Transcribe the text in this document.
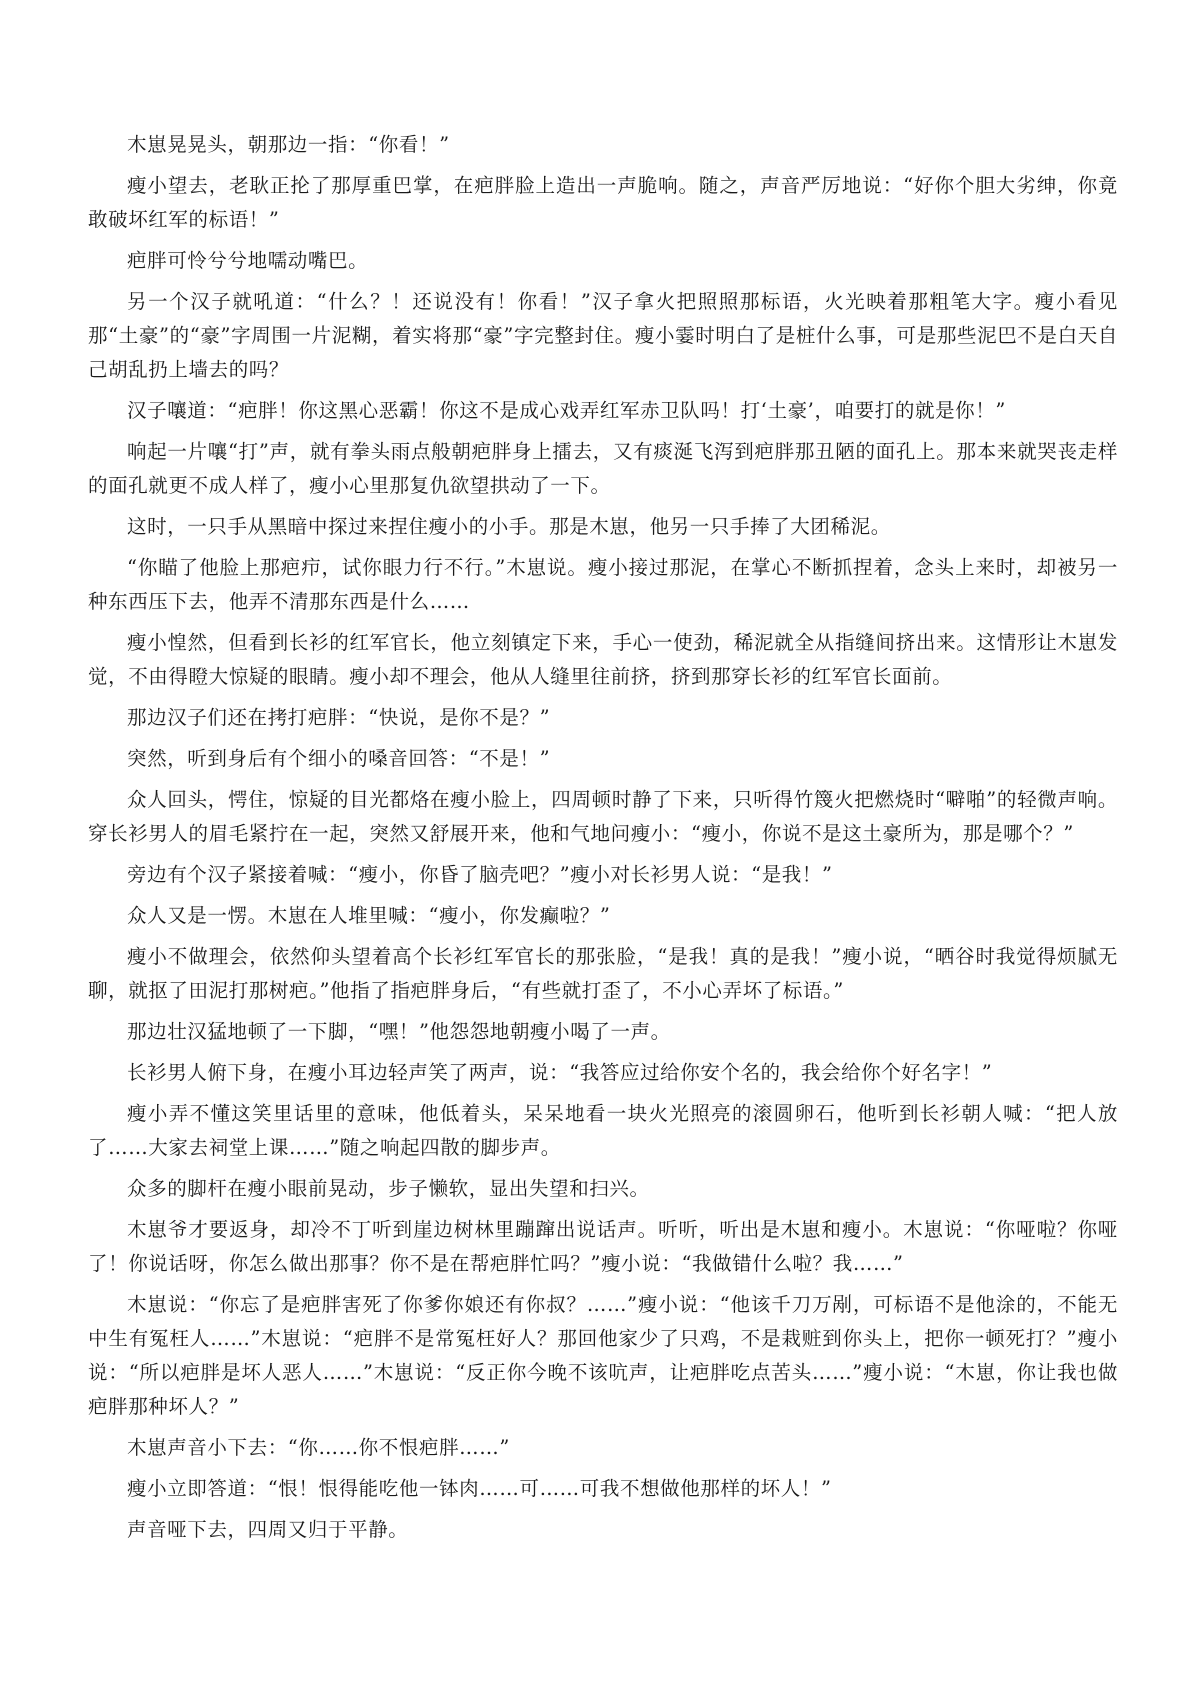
木崽晃晃头，朝那边一指：“你看！”

瘦小望去，老耿正抡了那厚重巴掌，在疤胖脸上造出一声脆响。随之，声音严厉地说：“好你个胆大劣绅，你竟敢破坏红军的标语！”

疤胖可怜兮兮地嚅动嘴巴。

另一个汉子就吼道：“什么？！还说没有！你看！”汉子拿火把照照那标语，火光映着那粗笔大字。瘦小看见那“土豪”的“豪”字周围一片泥糊，着实将那“豪”字完整封住。瘦小霎时明白了是桩什么事，可是那些泥巴不是白天自己胡乱扔上墙去的吗？

汉子嚷道：“疤胖！你这黑心恶霸！你这不是成心戏弄红军赤卫队吗！打‘土豪’，咱要打的就是你！”

响起一片嚷“打”声，就有拳头雨点般朝疤胖身上擂去，又有痰涎飞泻到疤胖那丑陋的面孔上。那本来就哭丧走样的面孔就更不成人样了，瘦小心里那复仇欲望拱动了一下。

这时，一只手从黑暗中探过来捏住瘦小的小手。那是木崽，他另一只手捧了大团稀泥。

“你瞄了他脸上那疤疖，试你眼力行不行。”木崽说。瘦小接过那泥，在掌心不断抓捏着，念头上来时，却被另一种东西压下去，他弄不清那东西是什么……

瘦小惶然，但看到长衫的红军官长，他立刻镇定下来，手心一使劲，稀泥就全从指缝间挤出来。这情形让木崽发觉，不由得瞪大惊疑的眼睛。瘦小却不理会，他从人缝里往前挤，挤到那穿长衫的红军官长面前。

那边汉子们还在拷打疤胖：“快说，是你不是？”

突然，听到身后有个细小的嗓音回答：“不是！”

众人回头，愕住，惊疑的目光都烙在瘦小脸上，四周顿时静了下来，只听得竹篾火把燃烧时“噼啪”的轻微声响。穿长衫男人的眉毛紧拧在一起，突然又舒展开来，他和气地问瘦小：“瘦小，你说不是这土豪所为，那是哪个？”

旁边有个汉子紧接着喊：“瘦小，你昏了脑壳吧？”瘦小对长衫男人说：“是我！”

众人又是一愣。木崽在人堆里喊：“瘦小，你发癫啦？”

瘦小不做理会，依然仰头望着高个长衫红军官长的那张脸，“是我！真的是我！”瘦小说，“晒谷时我觉得烦腻无聊，就抠了田泥打那树疤。”他指了指疤胖身后，“有些就打歪了，不小心弄坏了标语。”

那边壮汉猛地顿了一下脚，“嘿！”他怨怨地朝瘦小喝了一声。

长衫男人俯下身，在瘦小耳边轻声笑了两声，说：“我答应过给你安个名的，我会给你个好名字！”

瘦小弄不懂这笑里话里的意味，他低着头，呆呆地看一块火光照亮的滚圆卵石，他听到长衫朝人喊：“把人放了……大家去祠堂上课……”随之响起四散的脚步声。

众多的脚杆在瘦小眼前晃动，步子懒软，显出失望和扫兴。

木崽爷才要返身，却冷不丁听到崖边树林里蹦蹿出说话声。听听，听出是木崽和瘦小。木崽说：“你哑啦？你哑了！你说话呀，你怎么做出那事？你不是在帮疤胖忙吗？”瘦小说：“我做错什么啦？我……”

木崽说：“你忘了是疤胖害死了你爹你娘还有你叔？……”瘦小说：“他该千刀万剐，可标语不是他涂的，不能无中生有冤枉人……”木崽说：“疤胖不是常冤枉好人？那回他家少了只鸡，不是栽赃到你头上，把你一顿死打？”瘦小说：“所以疤胖是坏人恶人……”木崽说：“反正你今晚不该吭声，让疤胖吃点苦头……”瘦小说：“木崽，你让我也做疤胖那种坏人？”

木崽声音小下去：“你……你不恨疤胖……”

瘦小立即答道：“恨！恨得能吃他一钵肉……可……可我不想做他那样的坏人！”

声音哑下去，四周又归于平静。
